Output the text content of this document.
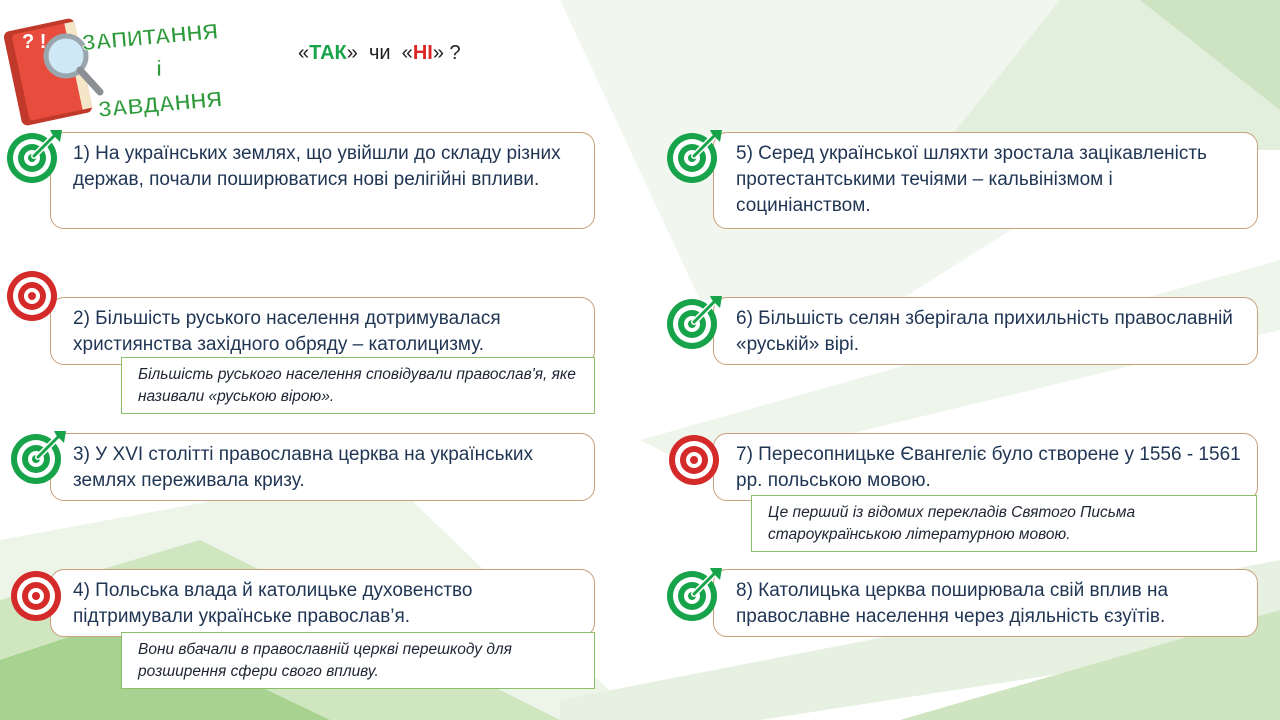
? ! ЗАПИТАННЯ
і
ЗАВДАННЯ
«ТАК»  чи  «НІ» ?
1) На українських землях, що увійшли до складу різних держав, почали поширюватися нові релігійні впливи.
2) Більшість руського населення дотримувалася християнства західного обряду – католицизму.
Більшість руського населення сповідували православ'я, яке називали «руською вірою».
3) У XVI столітті православна церква на українських землях переживала кризу.
4) Польська влада й католицьке духовенство підтримували українське православ’я.
Вони вбачали в православній церкві перешкоду для розширення сфери свого впливу.
5) Серед української шляхти зростала зацікавленість протестантськими течіями – кальвінізмом і социніанством.
6) Більшість селян зберігала прихильність православній «руській» вірі.
7) Пересопницьке Євангеліє було створене у 1556 - 1561 рр. польською мовою.
Це перший із відомих перекладів Святого Письма староукраїнською літературною мовою.
8) Католицька церква поширювала свій вплив на православне населення через діяльність єзуїтів.
